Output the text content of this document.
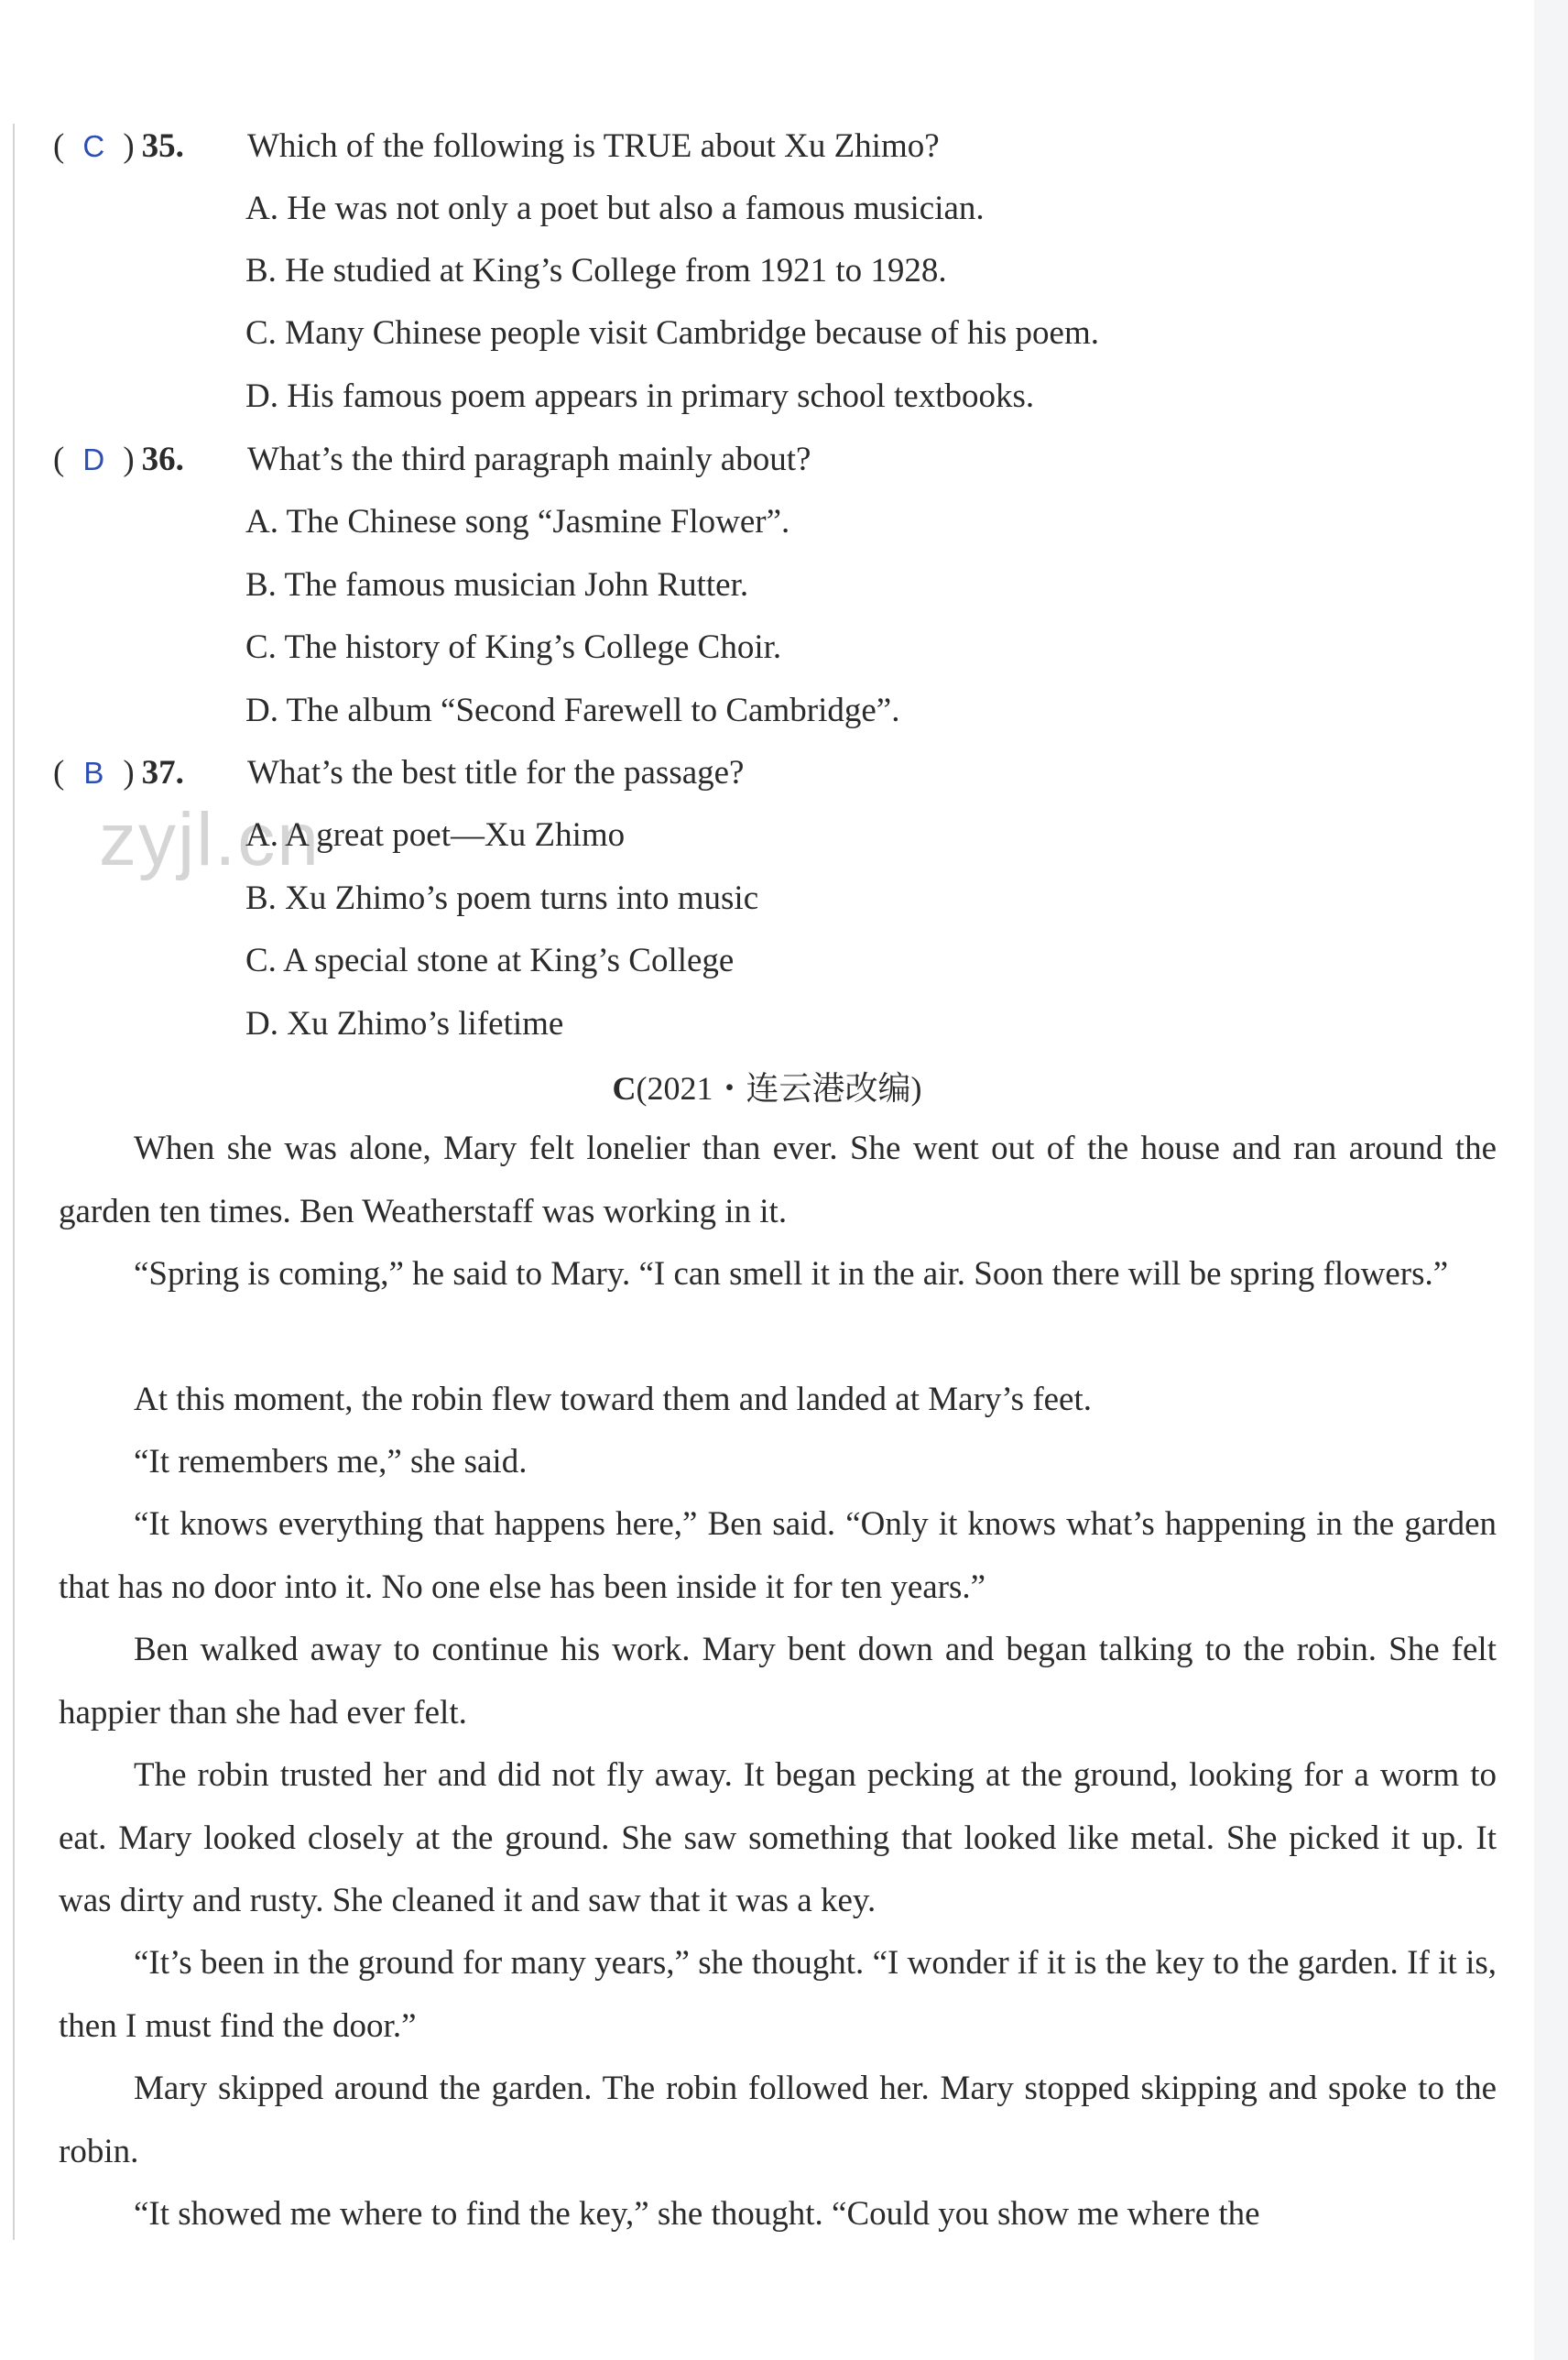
( C ) 35. Which of the following is TRUE about Xu Zhimo?
A. He was not only a poet but also a famous musician.
B. He studied at King’s College from 1921 to 1928.
C. Many Chinese people visit Cambridge because of his poem.
D. His famous poem appears in primary school textbooks.
( D ) 36. What’s the third paragraph mainly about?
A. The Chinese song “Jasmine Flower”.
B. The famous musician John Rutter.
C. The history of King’s College Choir.
D. The album “Second Farewell to Cambridge”.
( B ) 37. What’s the best title for the passage?
zyjl.cn
A. A great poet—Xu Zhimo
B. Xu Zhimo’s poem turns into music
C. A special stone at King’s College
D. Xu Zhimo’s lifetime
C(2021・连云港改编)
When she was alone, Mary felt lonelier than ever. She went out of the house and ran around the garden ten times. Ben Weatherstaff was working in it.
“Spring is coming,” he said to Mary. “I can smell it in the air. Soon there will be spring flowers.”
At this moment, the robin flew toward them and landed at Mary’s feet.
“It remembers me,” she said.
“It knows everything that happens here,” Ben said. “Only it knows what’s happening in the garden that has no door into it. No one else has been inside it for ten years.”
Ben walked away to continue his work. Mary bent down and began talking to the robin. She felt happier than she had ever felt.
The robin trusted her and did not fly away. It began pecking at the ground, looking for a worm to eat. Mary looked closely at the ground. She saw something that looked like metal. She picked it up. It was dirty and rusty. She cleaned it and saw that it was a key.
“It’s been in the ground for many years,” she thought. “I wonder if it is the key to the garden. If it is, then I must find the door.”
Mary skipped around the garden. The robin followed her. Mary stopped skipping and spoke to the robin.
“It showed me where to find the key,” she thought. “Could you show me where the
